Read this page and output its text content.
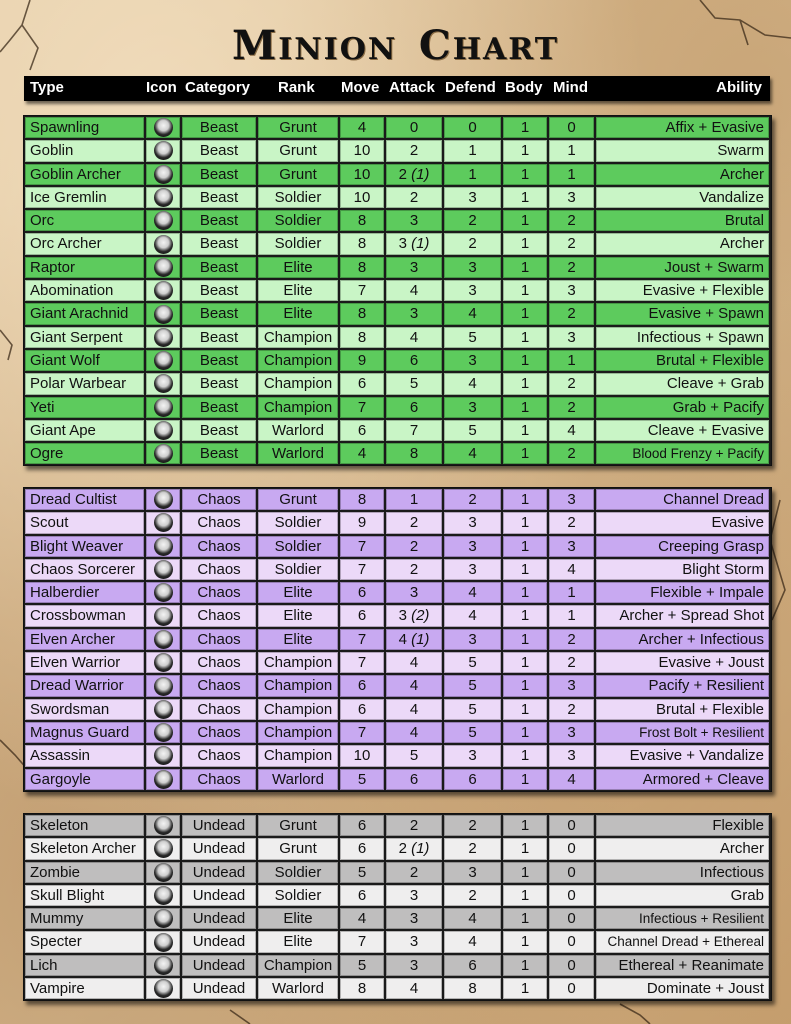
MINION CHART
Type	Icon Category Rank Move Attack Defend Body Mind	Ability
Spawnling	Beast	Grunt	4	0	0	1	0	Affix + Evasive
Goblin	Beast	Grunt	10	2	1	1	1	Swarm
Goblin Archer	Beast	Grunt	10	2 (1)	1	1	1	Archer
Ice Gremlin	Beast	Soldier	10	2	3	1	3	Vandalize
Orc	Beast	Soldier	8	3	2	1	2	Brutal
Orc Archer	Beast	Soldier	8	3 (1)	2	1	2	Archer
Raptor	Beast	Elite	8	3	3	1	2	Joust + Swarm
Abomination	Beast	Elite	7	4	3	1	3	Evasive + Flexible
Giant Arachnid	Beast	Elite	8	3	4	1	2	Evasive + Spawn
Giant Serpent	Beast	Champion	8	4	5	1	3	Infectious + Spawn
Giant Wolf	Beast	Champion	9	6	3	1	1	Brutal + Flexible
Polar Warbear	Beast	Champion	6	5	4	1	2	Cleave + Grab
Yeti	Beast	Champion	7	6	3	1	2	Grab + Pacify
Giant Ape	Beast	Warlord	6	7	5	1	4	Cleave + Evasive
Ogre	Beast	Warlord	4	8	4	1	2	Blood Frenzy + Pacify
Dread Cultist	Chaos	Grunt	8	1	2	1	3	Channel Dread
Scout	Chaos	Soldier	9	2	3	1	2	Evasive
Blight Weaver	Chaos	Soldier	7	2	3	1	3	Creeping Grasp
Chaos Sorcerer	Chaos	Soldier	7	2	3	1	4	Blight Storm
Halberdier	Chaos	Elite	6	3	4	1	1	Flexible + Impale
Crossbowman	Chaos	Elite	6	3 (2)	4	1	1	Archer + Spread Shot
Elven Archer	Chaos	Elite	7	4 (1)	3	1	2	Archer + Infectious
Elven Warrior	Chaos	Champion	7	4	5	1	2	Evasive + Joust
Dread Warrior	Chaos	Champion	6	4	5	1	3	Pacify + Resilient
Swordsman	Chaos	Champion	6	4	5	1	2	Brutal + Flexible
Magnus Guard	Chaos	Champion	7	4	5	1	3	Frost Bolt + Resilient
Assassin	Chaos	Champion	10	5	3	1	3	Evasive + Vandalize
Gargoyle	Chaos	Warlord	5	6	6	1	4	Armored + Cleave
Skeleton	Undead	Grunt	6	2	2	1	0	Flexible
Skeleton Archer	Undead	Grunt	6	2 (1)	2	1	0	Archer
Zombie	Undead	Soldier	5	2	3	1	0	Infectious
Skull Blight	Undead	Soldier	6	3	2	1	0	Grab
Mummy	Undead	Elite	4	3	4	1	0	Infectious + Resilient
Specter	Undead	Elite	7	3	4	1	0	Channel Dread + Ethereal
Lich	Undead	Champion	5	3	6	1	0	Ethereal + Reanimate
Vampire	Undead	Warlord	8	4	8	1	0	Dominate + Joust
